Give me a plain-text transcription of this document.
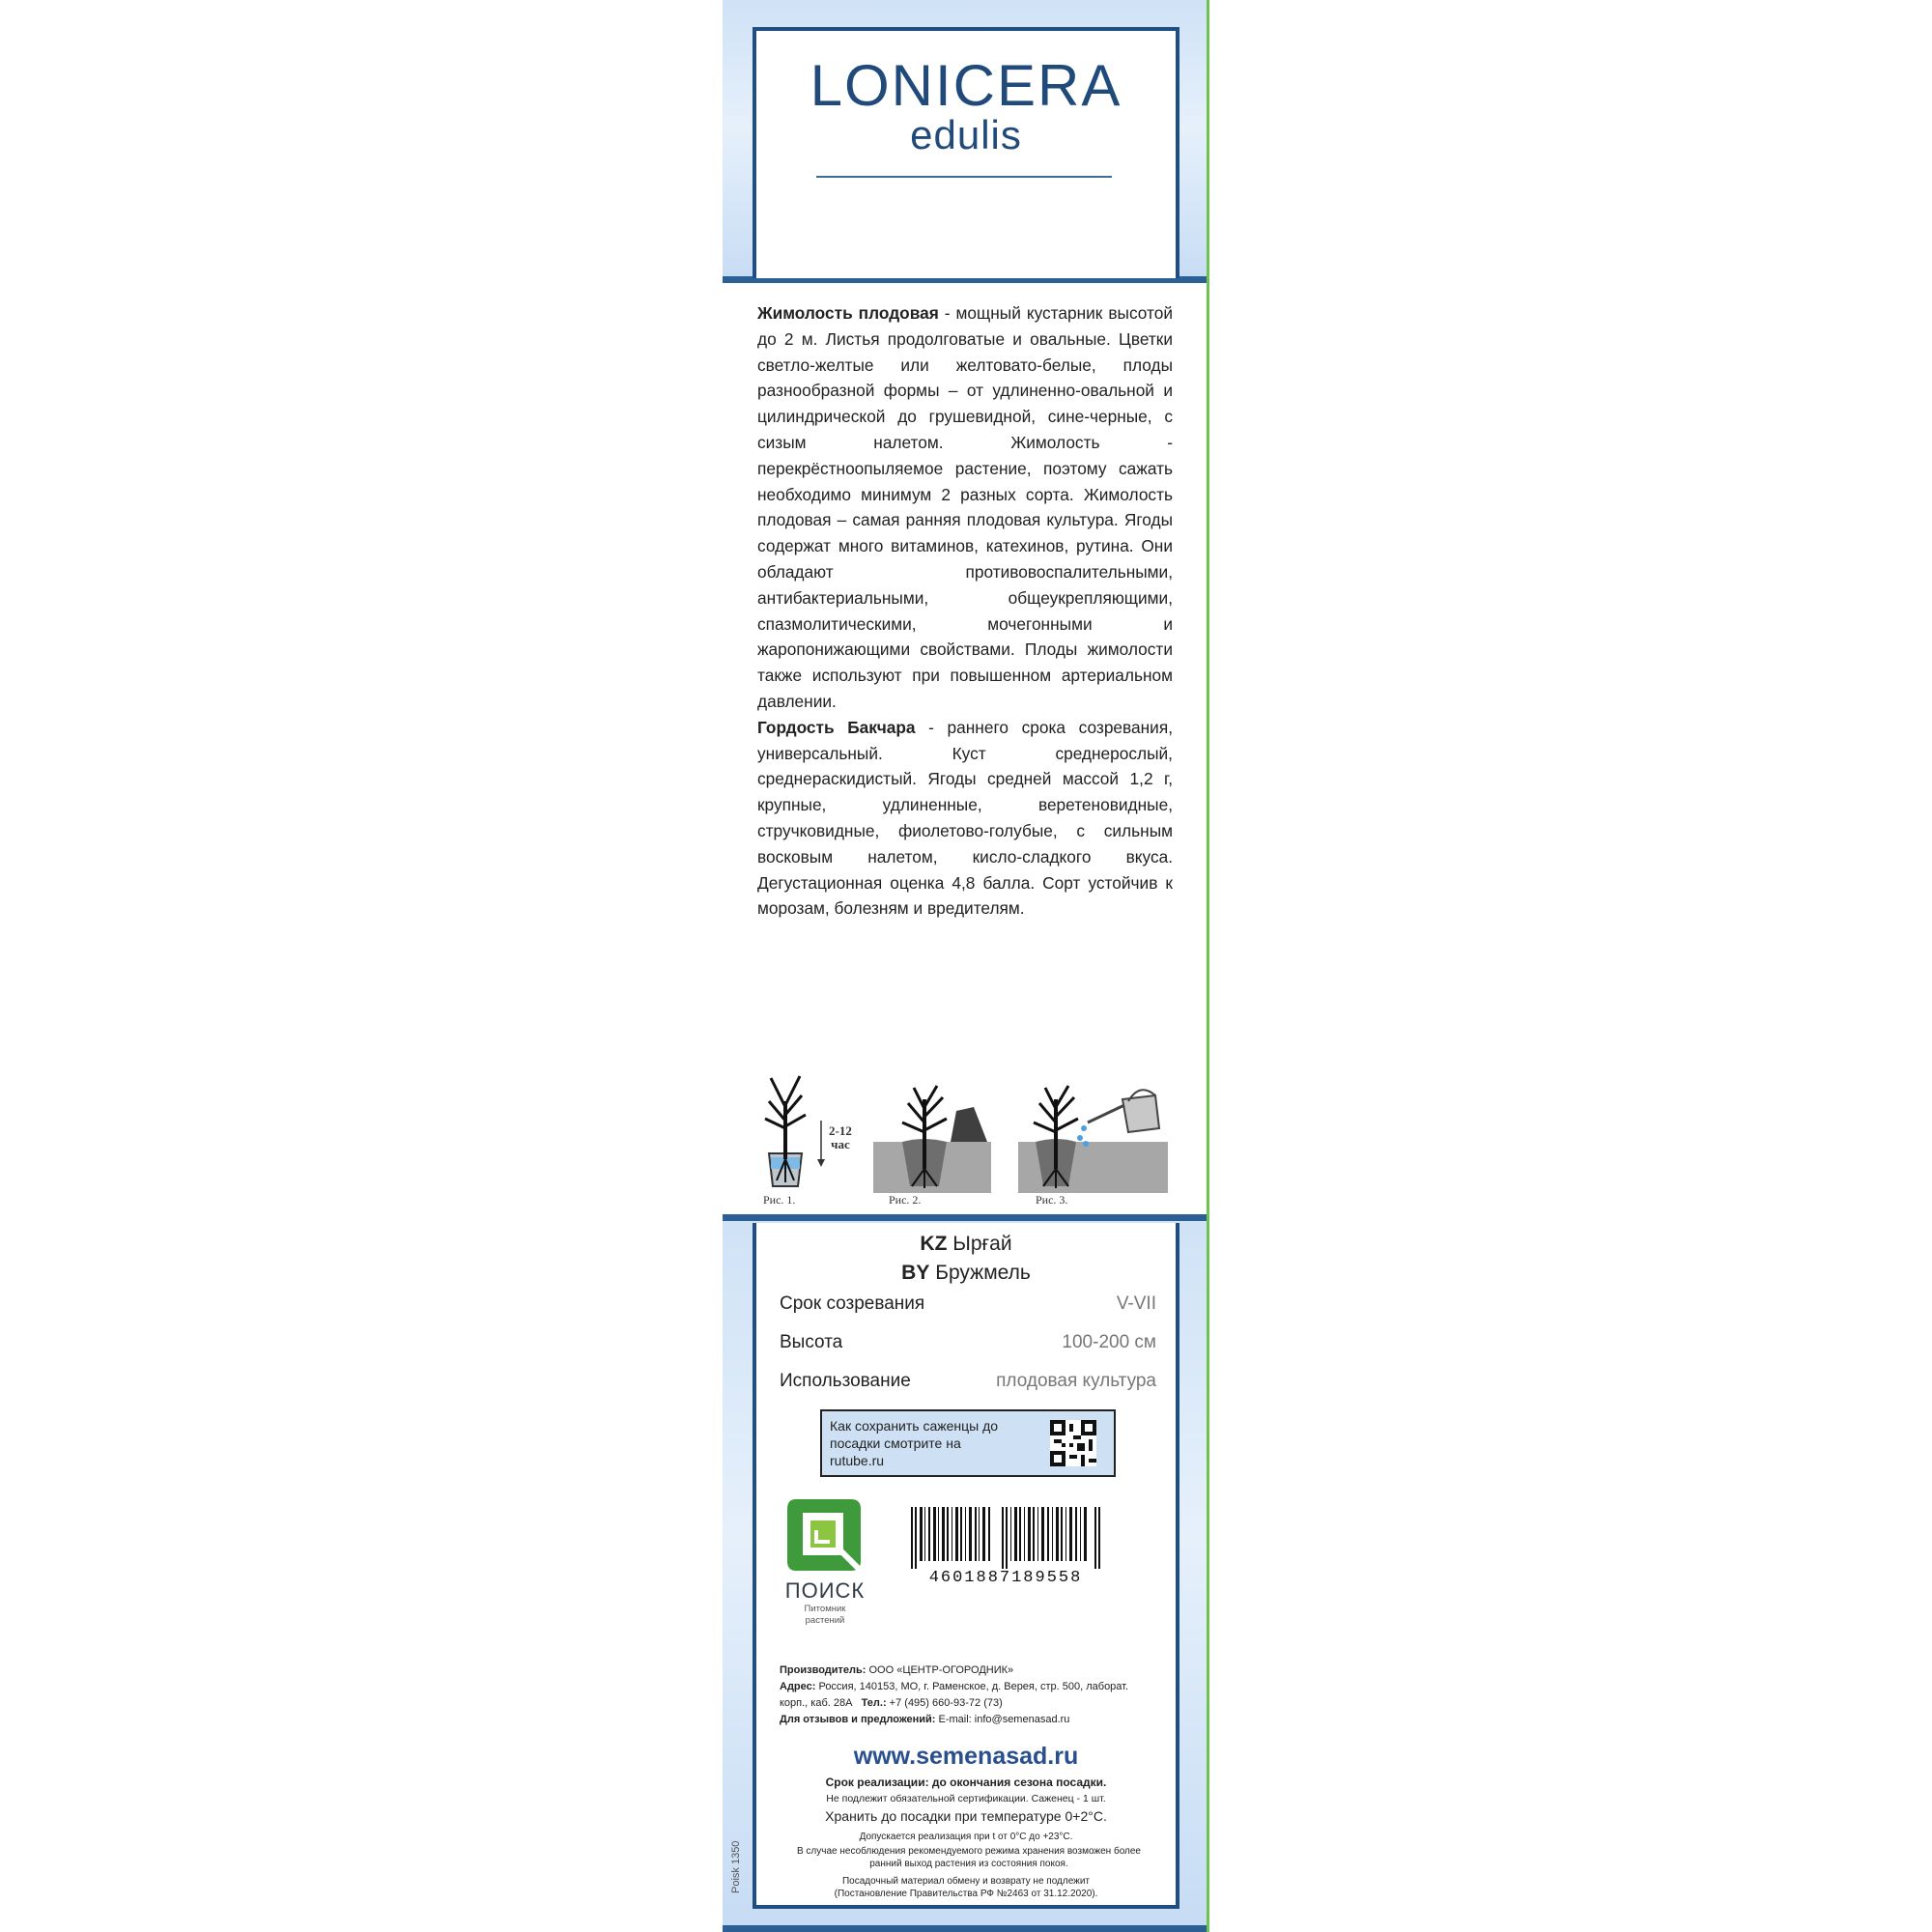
LONICERA
edulis

Жимолость плодовая - мощный кустарник высотой до 2 м. Листья продолговатые и овальные. Цветки светло-желтые или желтовато-белые, плоды разнообразной формы – от удлиненно-овальной и цилиндрической до грушевидной, сине-черные, с сизым налетом. Жимолость - перекрёстноопыляемое растение, поэтому сажать необходимо минимум 2 разных сорта. Жимолость плодовая – самая ранняя плодовая культура. Ягоды содержат много витаминов, катехинов, рутина. Они обладают противовоспалительными, антибактериальными, общеукрепляющими, спазмолитическими, мочегонными и жаропонижающими свойствами. Плоды жимолости также используют при повышенном артериальном давлении.

Гордость Бакчара - раннего срока созревания, универсальный. Куст среднерослый, среднераскидистый. Ягоды средней массой 1,2 г, крупные, удлиненные, веретеновидные, стручковидные, фиолетово-голубые, с сильным восковым налетом, кисло-сладкого вкуса. Дегустационная оценка 4,8 балла. Сорт устойчив к морозам, болезням и вредителям.

2-12
час
Рис. 1.	Рис. 2.	Рис. 3.
KZ Ырғай
BY Бружмель
Срок созревания	V-VII
Высота	100-200 см
Использование	плодовая культура
Как сохранить саженцы до посадки смотрите на rutube.ru
ПОИСК
Питомник
растений
4601887189558
Производитель: ООО «ЦЕНТР-ОГОРОДНИК»
Адрес: Россия, 140153, МО, г. Раменское, д. Верея, стр. 500, лаборат. корп., каб. 28А Тел.: +7 (495) 660-93-72 (73)
Для отзывов и предложений: E-mail: info@semenasad.ru
www.semenasad.ru
Срок реализации: до окончания сезона посадки.
Не подлежит обязательной сертификации. Саженец - 1 шт.
Хранить до посадки при температуре 0+2°С.
Допускается реализация при t от 0°С до +23°С.
В случае несоблюдения рекомендуемого режима хранения возможен более ранний выход растения из состояния покоя.
Посадочный материал обмену и возврату не подлежит
(Постановление Правительства РФ №2463 от 31.12.2020).
Poisk 1350
